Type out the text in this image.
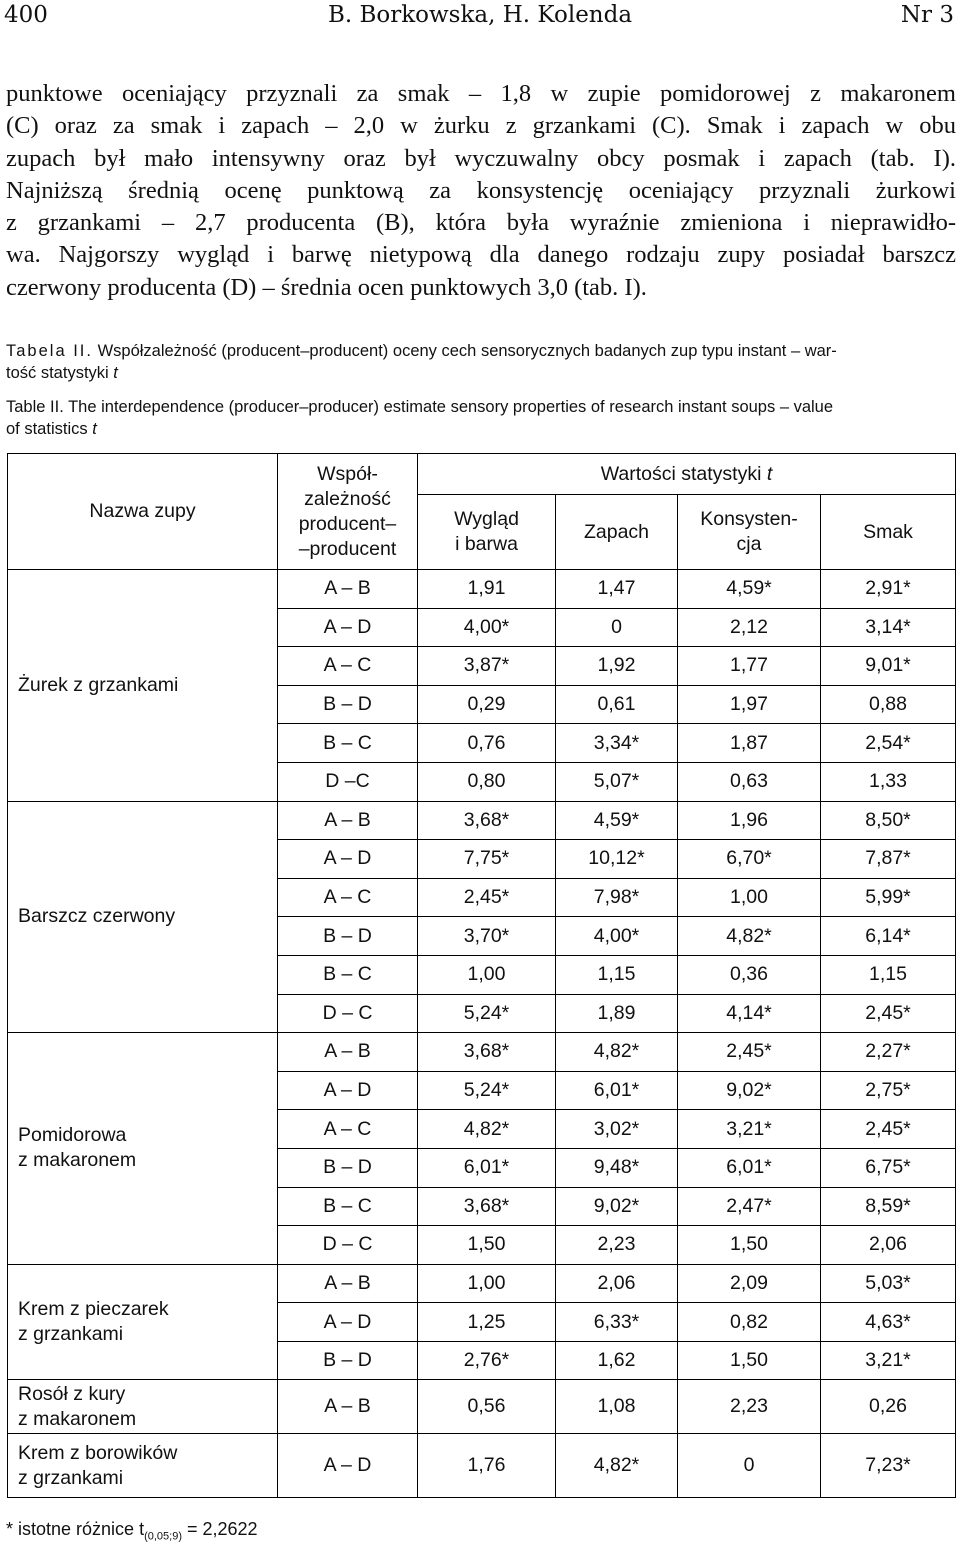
400	B. Borkowska, H. Kolenda	Nr 3
punktowe oceniający przyznali za smak – 1,8 w zupie pomidorowej z makaronem
(C) oraz za smak i zapach – 2,0 w żurku z grzankami (C). Smak i zapach w obu
zupach był mało intensywny oraz był wyczuwalny obcy posmak i zapach (tab. I).
Najniższą średnią ocenę punktową za konsystencję oceniający przyznali żurkowi
z grzankami – 2,7 producenta (B), która była wyraźnie zmieniona i nieprawidło-
wa. Najgorszy wygląd i barwę nietypową dla danego rodzaju zupy posiadał barszcz
czerwony producenta (D) – średnia ocen punktowych 3,0 (tab. I).
Tabela II. Współzależność (producent–producent) oceny cech sensorycznych badanych zup typu instant – war-
tość statystyki t
Table II. The interdependence (producer–producer) estimate sensory properties of research instant soups – value
of statistics t
Nazwa zupy	Współ-
zależność
producent–
–producent	Wartości statystyki t			
		Wygląd
i barwa	Zapach	Konsysten-
cja	Smak
Żurek z grzankami	A – B	1,91	1,47	4,59*	2,91*
	A – D	4,00*	0	2,12	3,14*
	A – C	3,87*	1,92	1,77	9,01*
	B – D	0,29	0,61	1,97	0,88
	B – C	0,76	3,34*	1,87	2,54*
	D –C	0,80	5,07*	0,63	1,33
Barszcz czerwony	A – B	3,68*	4,59*	1,96	8,50*
	A – D	7,75*	10,12*	6,70*	7,87*
	A – C	2,45*	7,98*	1,00	5,99*
	B – D	3,70*	4,00*	4,82*	6,14*
	B – C	1,00	1,15	0,36	1,15
	D – C	5,24*	1,89	4,14*	2,45*
Pomidorowa
z makaronem	A – B	3,68*	4,82*	2,45*	2,27*
	A – D	5,24*	6,01*	9,02*	2,75*
	A – C	4,82*	3,02*	3,21*	2,45*
	B – D	6,01*	9,48*	6,01*	6,75*
	B – C	3,68*	9,02*	2,47*	8,59*
	D – C	1,50	2,23	1,50	2,06
Krem z pieczarek
z grzankami	A – B	1,00	2,06	2,09	5,03*
	A – D	1,25	6,33*	0,82	4,63*
	B – D	2,76*	1,62	1,50	3,21*
Rosół z kury
z makaronem	A – B	0,56	1,08	2,23	0,26
Krem z borowików
z grzankami	A – D	1,76	4,82*	0	7,23*
* istotne różnice $t_{(0,05;9)} = 2,2622$
